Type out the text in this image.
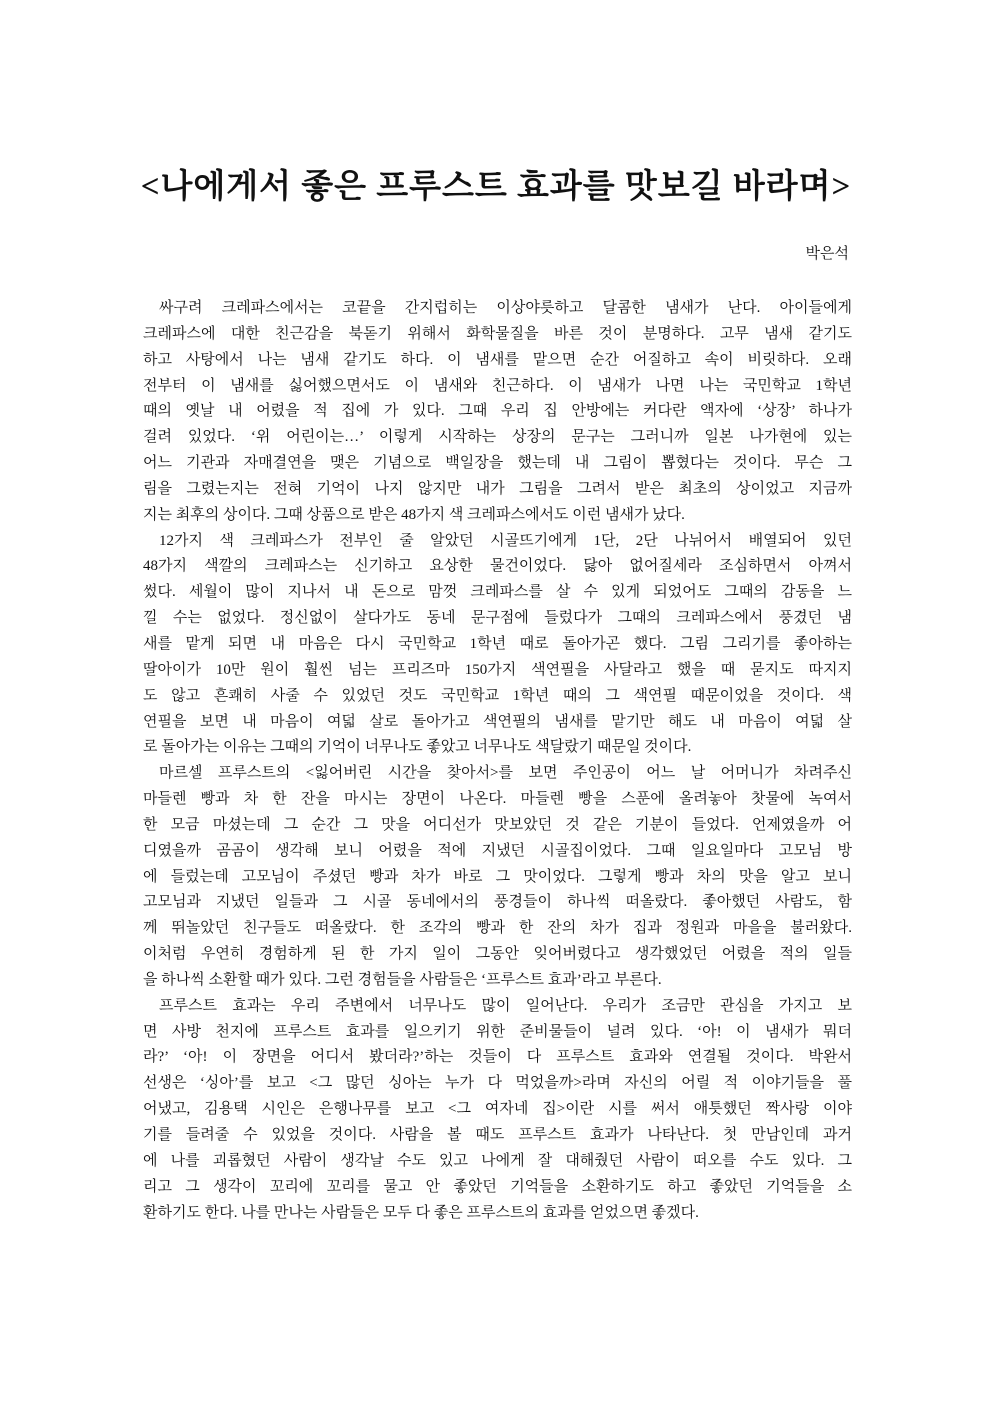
<나에게서 좋은 프루스트 효과를 맛보길 바라며>
박은석
싸구려 크레파스에서는 코끝을 간지럽히는 이상야릇하고 달콤한 냄새가 난다. 아이들에게
크레파스에 대한 친근감을 북돋기 위해서 화학물질을 바른 것이 분명하다. 고무 냄새 같기도
하고 사탕에서 나는 냄새 같기도 하다. 이 냄새를 맡으면 순간 어질하고 속이 비릿하다. 오래
전부터 이 냄새를 싫어했으면서도 이 냄새와 친근하다. 이 냄새가 나면 나는 국민학교 1학년
때의 옛날 내 어렸을 적 집에 가 있다. 그때 우리 집 안방에는 커다란 액자에 ‘상장’ 하나가
걸려 있었다. ‘위 어린이는…’ 이렇게 시작하는 상장의 문구는 그러니까 일본 나가현에 있는
어느 기관과 자매결연을 맺은 기념으로 백일장을 했는데 내 그림이 뽑혔다는 것이다. 무슨 그
림을 그렸는지는 전혀 기억이 나지 않지만 내가 그림을 그려서 받은 최초의 상이었고 지금까
지는 최후의 상이다. 그때 상품으로 받은 48가지 색 크레파스에서도 이런 냄새가 났다.
12가지 색 크레파스가 전부인 줄 알았던 시골뜨기에게 1단, 2단 나뉘어서 배열되어 있던
48가지 색깔의 크레파스는 신기하고 요상한 물건이었다. 닳아 없어질세라 조심하면서 아껴서
썼다. 세월이 많이 지나서 내 돈으로 맘껏 크레파스를 살 수 있게 되었어도 그때의 감동을 느
낄 수는 없었다. 정신없이 살다가도 동네 문구점에 들렀다가 그때의 크레파스에서 풍겼던 냄
새를 맡게 되면 내 마음은 다시 국민학교 1학년 때로 돌아가곤 했다. 그림 그리기를 좋아하는
딸아이가 10만 원이 훨씬 넘는 프리즈마 150가지 색연필을 사달라고 했을 때 묻지도 따지지
도 않고 흔쾌히 사줄 수 있었던 것도 국민학교 1학년 때의 그 색연필 때문이었을 것이다. 색
연필을 보면 내 마음이 여덟 살로 돌아가고 색연필의 냄새를 맡기만 해도 내 마음이 여덟 살
로 돌아가는 이유는 그때의 기억이 너무나도 좋았고 너무나도 색달랐기 때문일 것이다.
마르셀 프루스트의 <잃어버린 시간을 찾아서>를 보면 주인공이 어느 날 어머니가 차려주신
마들렌 빵과 차 한 잔을 마시는 장면이 나온다. 마들렌 빵을 스푼에 올려놓아 찻물에 녹여서
한 모금 마셨는데 그 순간 그 맛을 어디선가 맛보았던 것 같은 기분이 들었다. 언제였을까 어
디였을까 곰곰이 생각해 보니 어렸을 적에 지냈던 시골집이었다. 그때 일요일마다 고모님 방
에 들렀는데 고모님이 주셨던 빵과 차가 바로 그 맛이었다. 그렇게 빵과 차의 맛을 알고 보니
고모님과 지냈던 일들과 그 시골 동네에서의 풍경들이 하나씩 떠올랐다. 좋아했던 사람도, 함
께 뛰놀았던 친구들도 떠올랐다. 한 조각의 빵과 한 잔의 차가 집과 정원과 마을을 불러왔다.
이처럼 우연히 경험하게 된 한 가지 일이 그동안 잊어버렸다고 생각했었던 어렸을 적의 일들
을 하나씩 소환할 때가 있다. 그런 경험들을 사람들은 ‘프루스트 효과’라고 부른다.
프루스트 효과는 우리 주변에서 너무나도 많이 일어난다. 우리가 조금만 관심을 가지고 보
면 사방 천지에 프루스트 효과를 일으키기 위한 준비물들이 널려 있다. ‘아! 이 냄새가 뭐더
라?’ ‘아! 이 장면을 어디서 봤더라?’하는 것들이 다 프루스트 효과와 연결될 것이다. 박완서
선생은 ‘싱아’를 보고 <그 많던 싱아는 누가 다 먹었을까>라며 자신의 어릴 적 이야기들을 풀
어냈고, 김용택 시인은 은행나무를 보고 <그 여자네 집>이란 시를 써서 애틋했던 짝사랑 이야
기를 들려줄 수 있었을 것이다. 사람을 볼 때도 프루스트 효과가 나타난다. 첫 만남인데 과거
에 나를 괴롭혔던 사람이 생각날 수도 있고 나에게 잘 대해줬던 사람이 떠오를 수도 있다. 그
리고 그 생각이 꼬리에 꼬리를 물고 안 좋았던 기억들을 소환하기도 하고 좋았던 기억들을 소
환하기도 한다. 나를 만나는 사람들은 모두 다 좋은 프루스트의 효과를 얻었으면 좋겠다.
